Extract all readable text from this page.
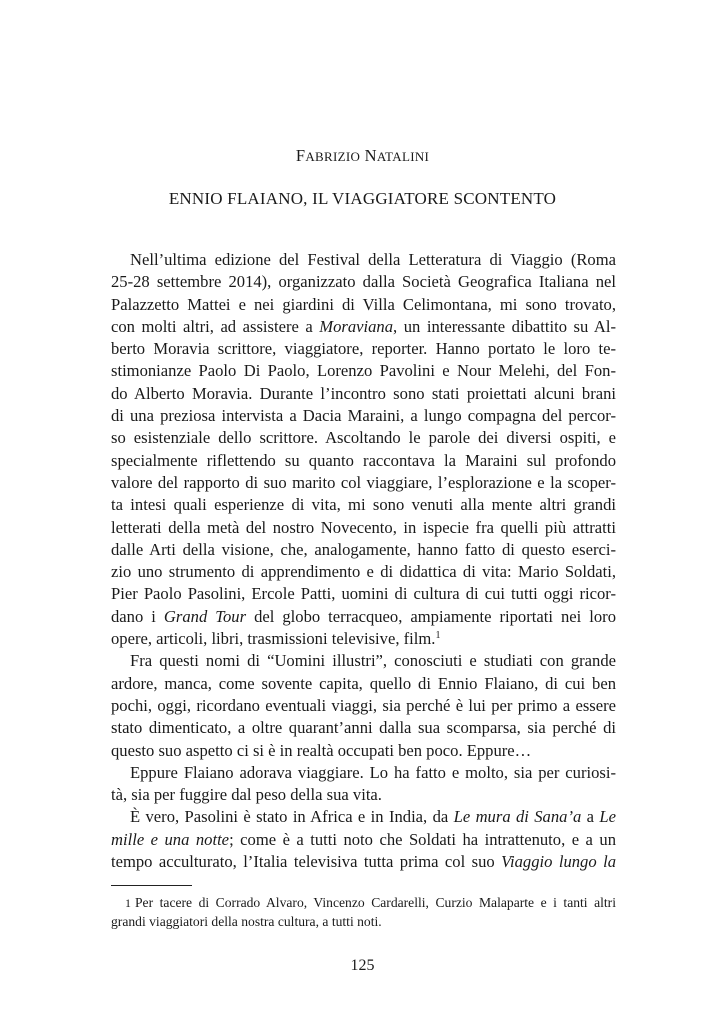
FABRIZIO NATALINI
ENNIO FLAIANO, IL VIAGGIATORE SCONTENTO
Nell’ultima edizione del Festival della Letteratura di Viaggio (Roma
25-28 settembre 2014), organizzato dalla Società Geografica Italiana nel
Palazzetto Mattei e nei giardini di Villa Celimontana, mi sono trovato,
con molti altri, ad assistere a Moraviana, un interessante dibattito su Al-
berto Moravia scrittore, viaggiatore, reporter. Hanno portato le loro te-
stimonianze Paolo Di Paolo, Lorenzo Pavolini e Nour Melehi, del Fon-
do Alberto Moravia. Durante l’incontro sono stati proiettati alcuni brani
di una preziosa intervista a Dacia Maraini, a lungo compagna del percor-
so esistenziale dello scrittore. Ascoltando le parole dei diversi ospiti, e
specialmente riflettendo su quanto raccontava la Maraini sul profondo
valore del rapporto di suo marito col viaggiare, l’esplorazione e la scoper-
ta intesi quali esperienze di vita, mi sono venuti alla mente altri grandi
letterati della metà del nostro Novecento, in ispecie fra quelli più attratti
dalle Arti della visione, che, analogamente, hanno fatto di questo eserci-
zio uno strumento di apprendimento e di didattica di vita: Mario Soldati,
Pier Paolo Pasolini, Ercole Patti, uomini di cultura di cui tutti oggi ricor-
dano i Grand Tour del globo terracqueo, ampiamente riportati nei loro
opere, articoli, libri, trasmissioni televisive, film.$^1$
Fra questi nomi di “Uomini illustri”, conosciuti e studiati con grande
ardore, manca, come sovente capita, quello di Ennio Flaiano, di cui ben
pochi, oggi, ricordano eventuali viaggi, sia perché è lui per primo a essere
stato dimenticato, a oltre quarant’anni dalla sua scomparsa, sia perché di
questo suo aspetto ci si è in realtà occupati ben poco. Eppure…
Eppure Flaiano adorava viaggiare. Lo ha fatto e molto, sia per curiosi-
tà, sia per fuggire dal peso della sua vita.
È vero, Pasolini è stato in Africa e in India, da Le mura di Sana’a a Le
mille e una notte; come è a tutti noto che Soldati ha intrattenuto, e a un
tempo acculturato, l’Italia televisiva tutta prima col suo Viaggio lungo la
1 Per tacere di Corrado Alvaro, Vincenzo Cardarelli, Curzio Malaparte e i tanti altri
grandi viaggiatori della nostra cultura, a tutti noti.
125
